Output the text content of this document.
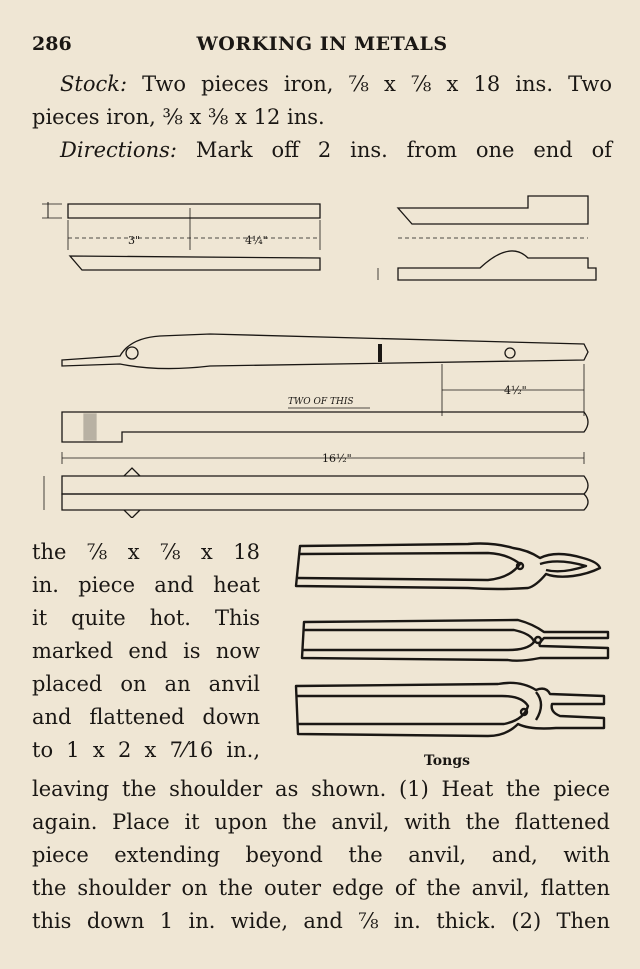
286	WORKING IN METALS
Stock: Two pieces iron, ⅞ x ⅞ x 18 ins. Two
pieces iron, ⅜ x ⅜ x 12 ins.
Directions: Mark off 2 ins. from one end of
3"	4¼"
4½"
TWO OF THIS
16½"
the ⅞ x ⅞ x 18
in. piece and heat
it quite hot. This
marked end is now
placed on an anvil
and flattened down
to 1 x 2 x 7⁄16 in.,	Tongs
leaving the shoulder as shown. (1) Heat the piece
again. Place it upon the anvil, with the flattened
piece extending beyond the anvil, and, with
the shoulder on the outer edge of the anvil, flatten
this down 1 in. wide, and ⅞ in. thick. (2) Then
